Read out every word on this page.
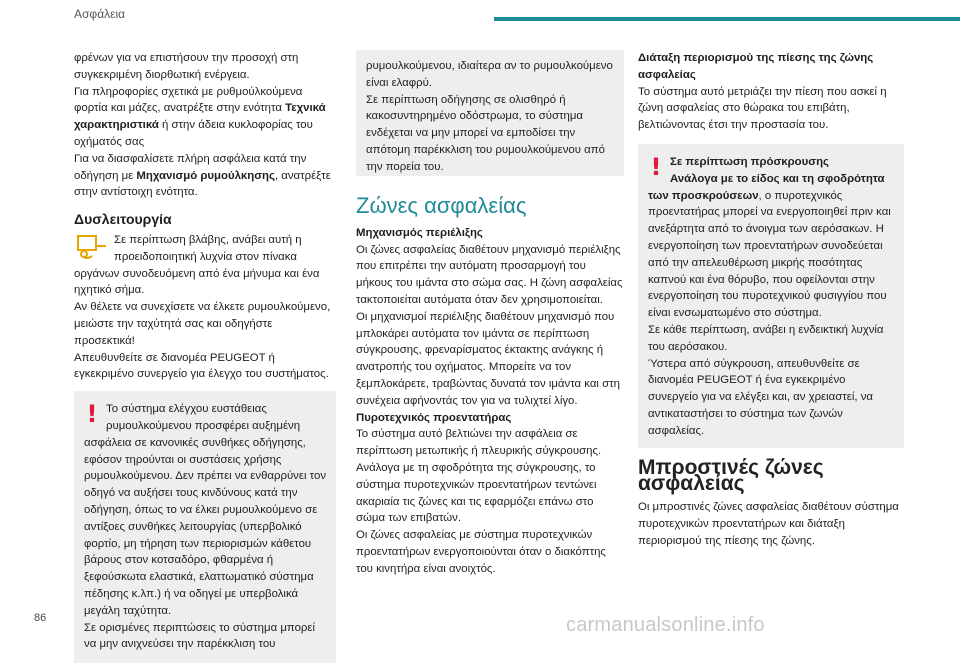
Ασφάλεια

φρένων για να επιστήσουν την προσοχή στη συγκεκριμένη διορθωτική ενέργεια.

Για πληροφορίες σχετικά με ρυθμούλκούμενα φορτία και μάζες, ανατρέξτε στην ενότητα Τεχνικά χαρακτηριστικά ή στην άδεια κυκλοφορίας του οχήματός σας

Για να διασφαλίσετε πλήρη ασφάλεια κατά την οδήγηση με Μηχανισμό ρυμούλκησης, ανατρέξτε στην αντίστοιχη ενότητα.

Δυσλειτουργία

Σε περίπτωση βλάβης, ανάβει αυτή η προειδοποιητική λυχνία στον πίνακα οργάνων συνοδευόμενη από ένα μήνυμα και ένα ηχητικό σήμα.

Αν θέλετε να συνεχίσετε να έλκετε ρυμουλκούμενο, μειώστε την ταχύτητά σας και οδηγήστε προσεκτικά!

Απευθυνθείτε σε διανομέα PEUGEOT ή εγκεκριμένο συνεργείο για έλεγχο του συστήματος.

! Το σύστημα ελέγχου ευστάθειας ρυμουλκούμενου προσφέρει αυξημένη ασφάλεια σε κανονικές συνθήκες οδήγησης, εφόσον τηρούνται οι συστάσεις χρήσης ρυμουλκούμενου. Δεν πρέπει να ενθαρρύνει τον οδηγό να αυξήσει τους κινδύνους κατά την οδήγηση, όπως το να έλκει ρυμουλκούμενο σε αντίξοες συνθήκες λειτουργίας (υπερβολικό φορτίο, μη τήρηση των περιορισμών κάθετου βάρους στον κοτσαδόρο, φθαρμένα ή ξεφούσκωτα ελαστικά, ελαττωματικό σύστημα πέδησης κ.λπ.) ή να οδηγεί με υπερβολικά μεγάλη ταχύτητα.

Σε ορισμένες περιπτώσεις το σύστημα μπορεί να μην ανιχνεύσει την παρέκκλιση του

ρυμουλκούμενου, ιδιαίτερα αν το ρυμουλκούμενο είναι ελαφρύ.

Σε περίπτωση οδήγησης σε ολισθηρό ή κακοσυντηρημένο οδόστρωμα, το σύστημα ενδέχεται να μην μπορεί να εμποδίσει την απότομη παρέκκλιση του ρυμουλκούμενου από την πορεία του.

Ζώνες ασφαλείας

Μηχανισμός περιέλιξης

Οι ζώνες ασφαλείας διαθέτουν μηχανισμό περιέλιξης που επιτρέπει την αυτόματη προσαρμογή του μήκους του ιμάντα στο σώμα σας. Η ζώνη ασφαλείας τακτοποιείται αυτόματα όταν δεν χρησιμοποιείται.

Οι μηχανισμοί περιέλιξης διαθέτουν μηχανισμό που μπλοκάρει αυτόματα τον ιμάντα σε περίπτωση σύγκρουσης, φρεναρίσματος έκτακτης ανάγκης ή ανατροπής του οχήματος. Μπορείτε να τον ξεμπλοκάρετε, τραβώντας δυνατά τον ιμάντα και στη συνέχεια αφήνοντάς τον για να τυλιχτεί λίγο.

Πυροτεχνικός προεντατήρας

Το σύστημα αυτό βελτιώνει την ασφάλεια σε περίπτωση μετωπικής ή πλευρικής σύγκρουσης.

Ανάλογα με τη σφοδρότητα της σύγκρουσης, το σύστημα πυροτεχνικών προεντατήρων τεντώνει ακαριαία τις ζώνες και τις εφαρμόζει επάνω στο σώμα των επιβατών.

Οι ζώνες ασφαλείας με σύστημα πυροτεχνικών προεντατήρων ενεργοποιούνται όταν ο διακόπτης του κινητήρα είναι ανοιχτός.

Διάταξη περιορισμού της πίεσης της ζώνης ασφαλείας

Το σύστημα αυτό μετριάζει την πίεση που ασκεί η ζώνη ασφαλείας στο θώρακα του επιβάτη, βελτιώνοντας έτσι την προστασία του.

! Σε περίπτωση πρόσκρουσης

Ανάλογα με το είδος και τη σφοδρότητα των προσκρούσεων, ο πυροτεχνικός προεντατήρας μπορεί να ενεργοποιηθεί πριν και ανεξάρτητα από το άνοιγμα των αερόσακων. Η ενεργοποίηση των προεντατήρων συνοδεύεται από την απελευθέρωση μικρής ποσότητας καπνού και ένα θόρυβο, που οφείλονται στην ενεργοποίηση του πυροτεχνικού φυσιγγίου που είναι ενσωματωμένο στο σύστημα.

Σε κάθε περίπτωση, ανάβει η ενδεικτική λυχνία του αερόσακου.

Ύστερα από σύγκρουση, απευθυνθείτε σε διανομέα PEUGEOT ή ένα εγκεκριμένο συνεργείο για να ελέγξει και, αν χρειαστεί, να αντικαταστήσει το σύστημα των ζωνών ασφαλείας.

Μπροστινές ζώνες ασφαλείας

Οι μπροστινές ζώνες ασφαλείας διαθέτουν σύστημα πυροτεχνικών προεντατήρων και διάταξη περιορισμού της πίεσης της ζώνης.

86	carmanualsonline.info
